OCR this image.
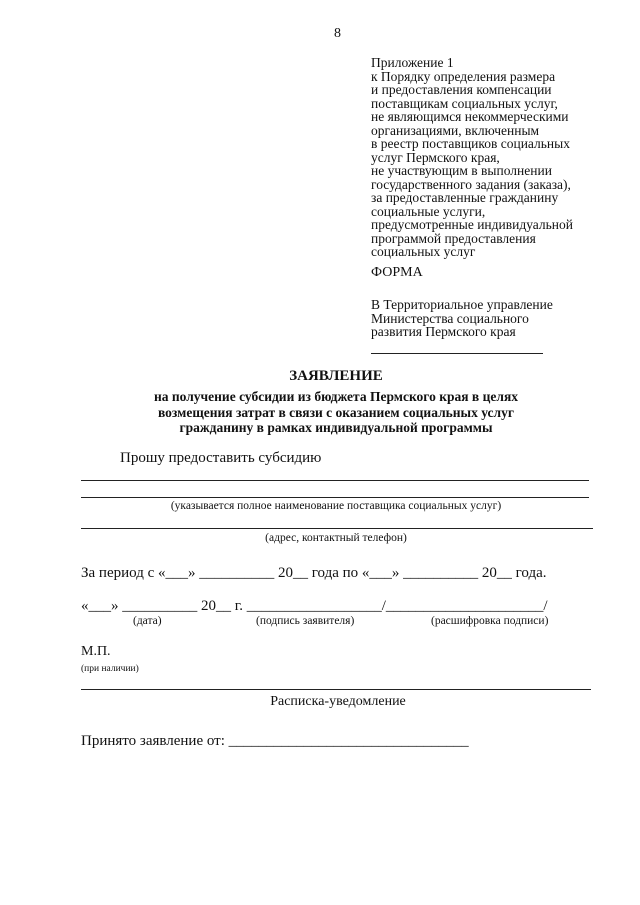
8
Приложение 1
к Порядку определения размера
и предоставления компенсации
поставщикам социальных услуг,
не являющимся некоммерческими
организациями, включенным
в реестр поставщиков социальных
услуг Пермского края,
не участвующим в выполнении
государственного задания (заказа),
за предоставленные гражданину
социальные услуги,
предусмотренные индивидуальной
программой предоставления
социальных услуг
ФОРМА
В Территориальное управление
Министерства социального
развития Пермского края
ЗАЯВЛЕНИЕ
на получение субсидии из бюджета Пермского края в целях
возмещения затрат в связи с оказанием социальных услуг
гражданину в рамках индивидуальной программы
Прошу предоставить субсидию
(указывается полное наименование поставщика социальных услуг)
(адрес, контактный телефон)
За период с «___» __________ 20__ года по «___» __________ 20__ года.
«___» __________ 20__ г. __________________/_____________________/
(дата)	(подпись заявителя)	(расшифровка подписи)
М.П.
(при наличии)
Расписка-уведомление
Принято заявление от: ________________________________
